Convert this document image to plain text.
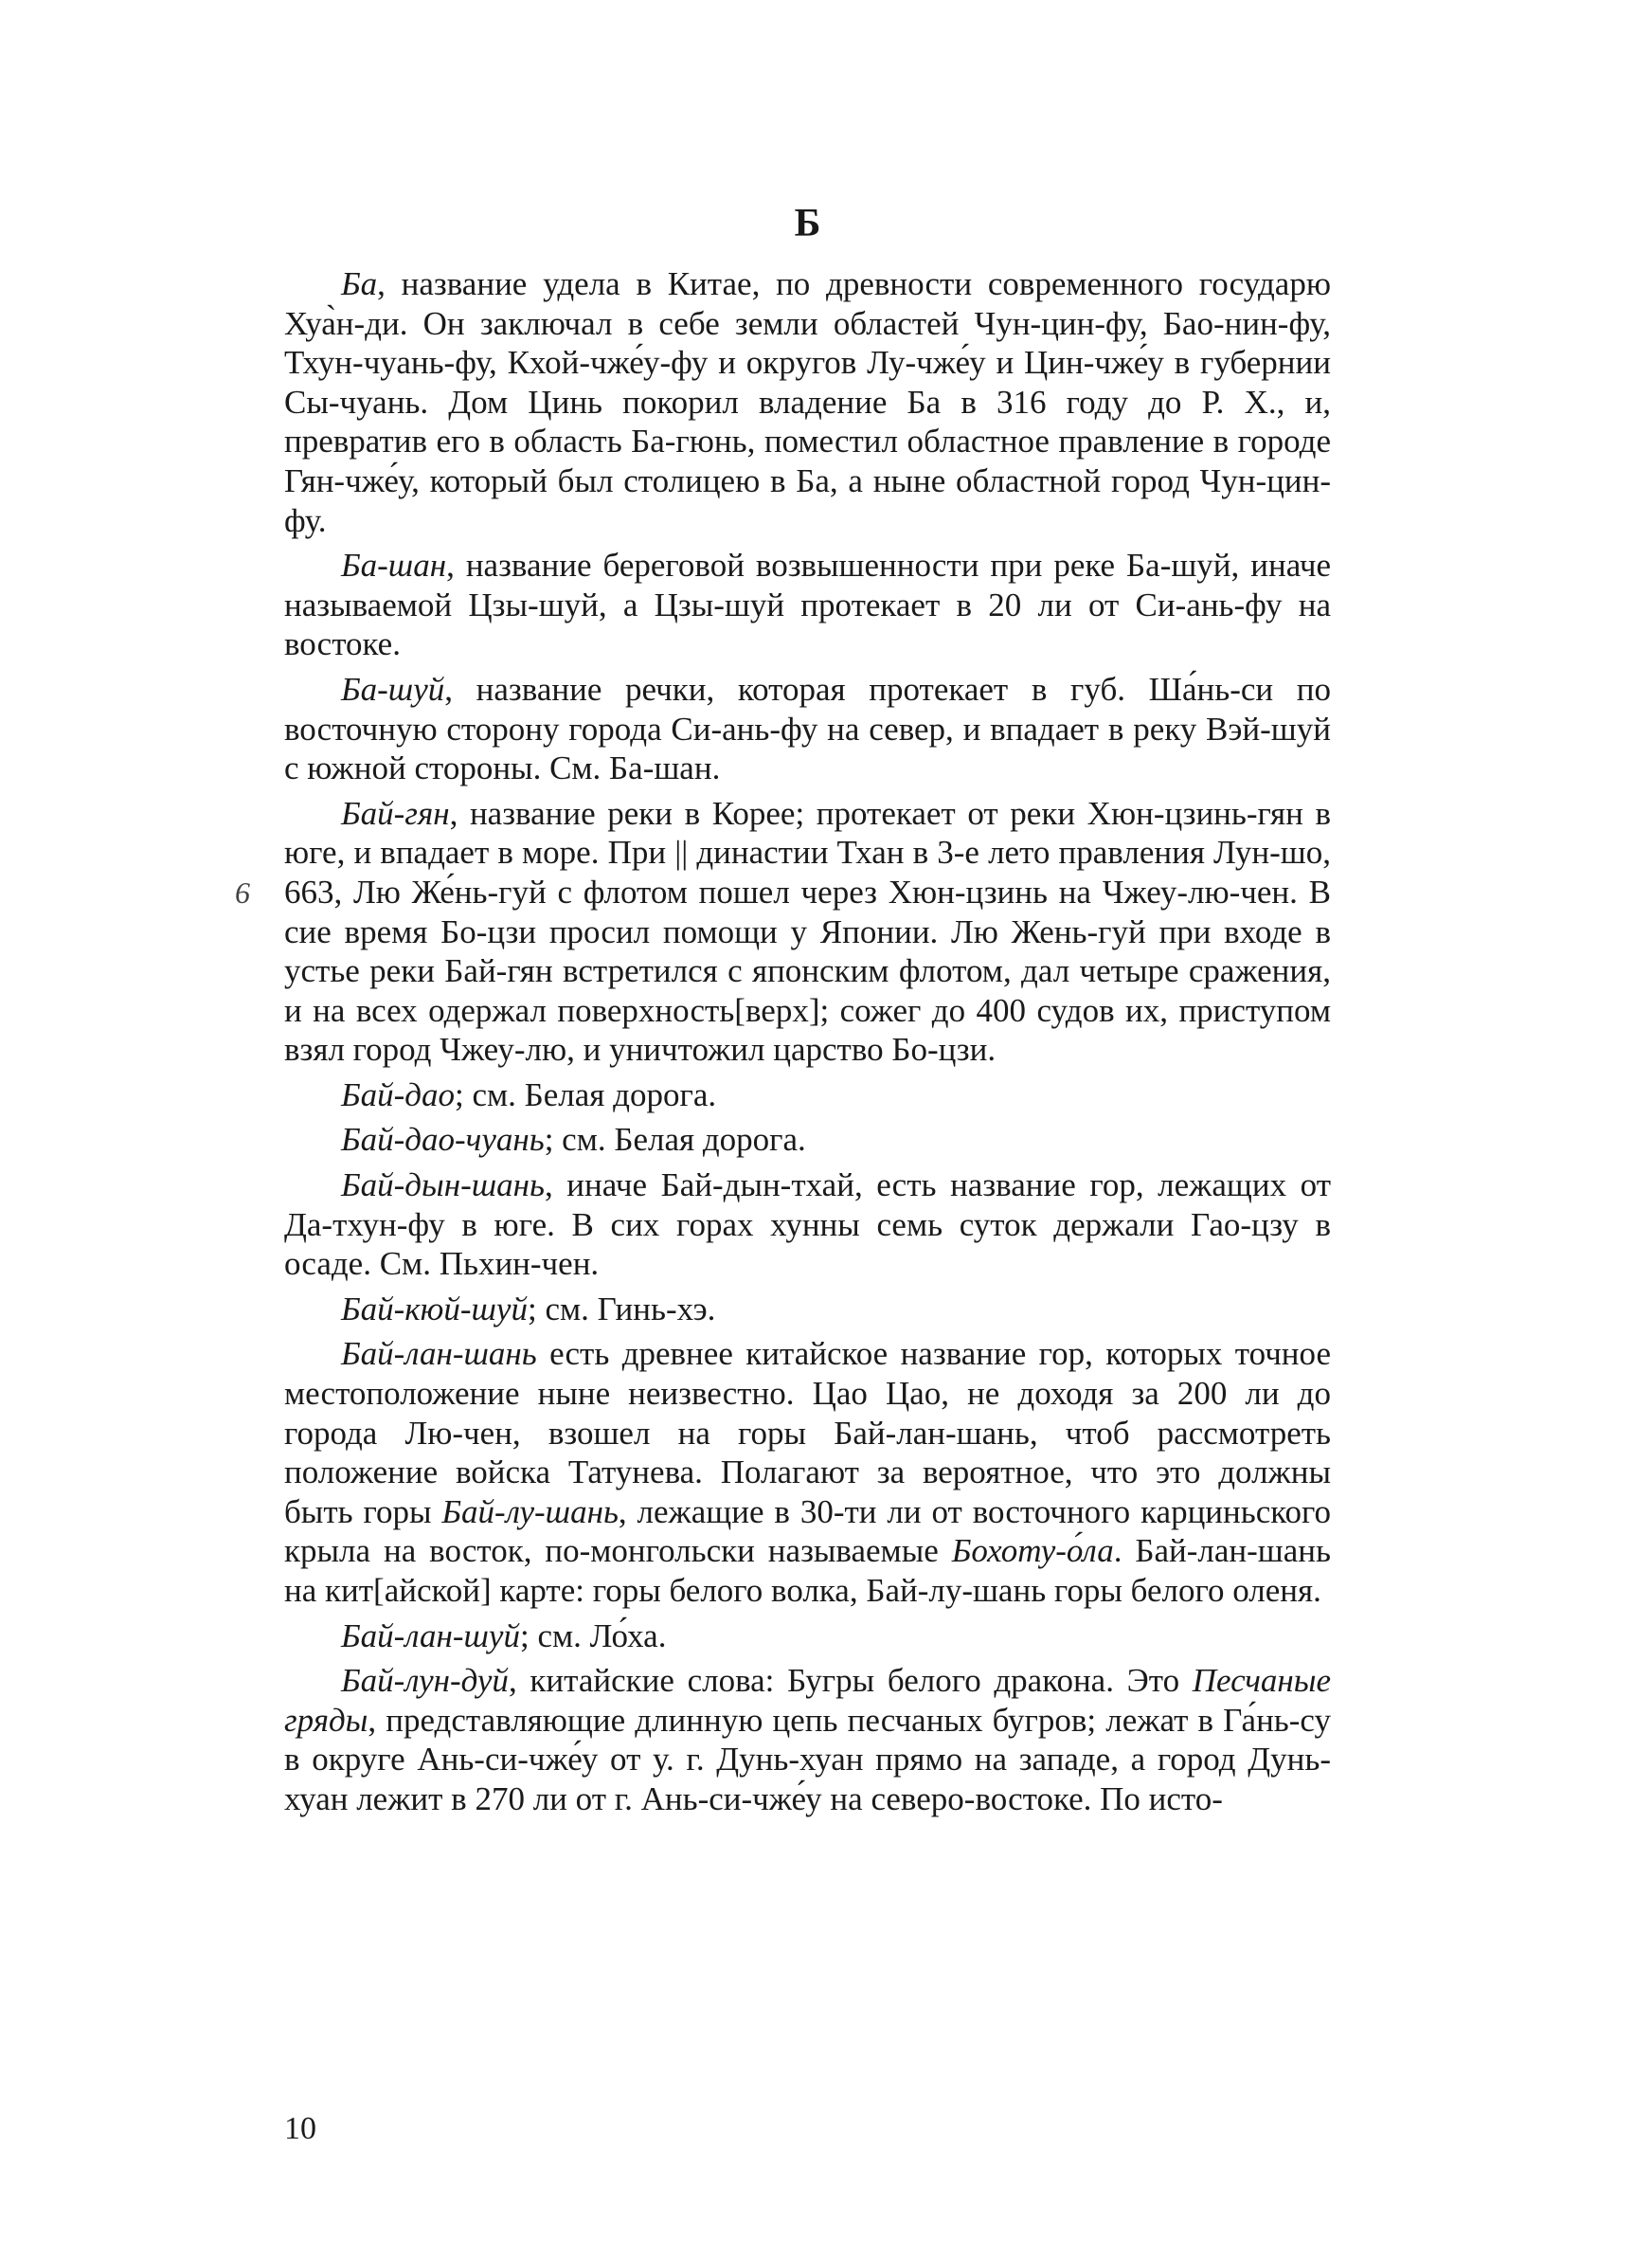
Б

Ба, название удела в Китае, по древности современного государю Хуа̀н-ди. Он заключал в себе земли областей Чун-цин-фу, Бао-нин-фу, Тхун-чуань-фу, Кхой-чже́у-фу и округов Лу-чже́у и Цин-чже́у в губернии Сы-чуань. Дом Цинь покорил владение Ба в 316 году до Р. Х., и, превратив его в область Ба-гюнь, поместил областное правление в городе Гян-чже́у, который был столицею в Ба, а ныне областной город Чун-цин-фу.

Ба-шан, название береговой возвышенности при реке Ба-шуй, иначе называемой Цзы-шуй, а Цзы-шуй протекает в 20 ли от Си-ань-фу на востоке.

Ба-шуй, название речки, которая протекает в губ. Ша́нь-си по восточную сторону города Си-ань-фу на север, и впадает в реку Вэй-шуй с южной стороны. См. Ба-шан.

Бай-гян, название реки в Корее; протекает от реки Хюн-цзинь-гян в юге, и впадает в море. При || династии Тхан в 3-е лето правления Лун-шо, 663, Лю Же́нь-гуй с флотом пошел через Хюн-цзинь на Чжеу-лю-чен. В сие время Бо-цзи просил помощи у Японии. Лю Жень-гуй при входе в устье реки Бай-гян встретился с японским флотом, дал четыре сражения, и на всех одержал поверхность[верх]; сожег до 400 судов их, приступом взял город Чжеу-лю, и уничтожил царство Бо-цзи.

Бай-дао; см. Белая дорога.

Бай-дао-чуань; см. Белая дорога.

Бай-дын-шань, иначе Бай-дын-тхай, есть название гор, лежащих от Да-тхун-фу в юге. В сих горах хунны семь суток держали Гао-цзу в осаде. См. Пьхин-чен.

Бай-кюй-шуй; см. Гинь-хэ.

Бай-лан-шань есть древнее китайское название гор, которых точное местоположение ныне неизвестно. Цао Цао, не доходя за 200 ли до города Лю-чен, взошел на горы Бай-лан-шань, чтоб рассмотреть положение войска Татунева. Полагают за вероятное, что это должны быть горы Бай-лу-шань, лежащие в 30-ти ли от восточного карциньского крыла на восток, по-монгольски называемые Бохоту-о́ла. Бай-лан-шань на кит[айской] карте: горы белого волка, Бай-лу-шань горы белого оленя.

Бай-лан-шуй; см. Ло́ха.

Бай-лун-дуй, китайские слова: Бугры белого дракона. Это Песчаные гряды, представляющие длинную цепь песчаных бугров; лежат в Га́нь-су в округе Ань-си-чже́у от у. г. Дунь-хуан прямо на западе, а город Дунь-хуан лежит в 270 ли от г. Ань-си-чже́у на северо-востоке. По исто-

6
10
